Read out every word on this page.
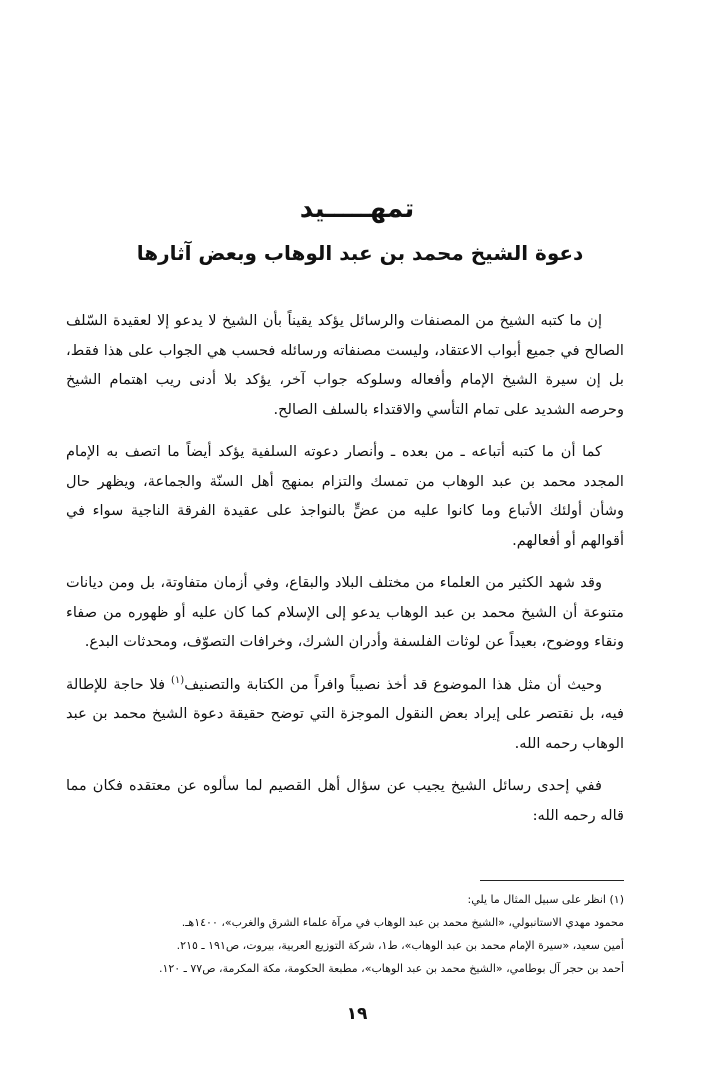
تمهـــــيد
دعوة الشيخ محمد بن عبد الوهاب وبعض آثارها

إن ما كتبه الشيخ من المصنفات والرسائل يؤكد يقيناً بأن الشيخ لا يدعو إلا لعقيدة السّلف الصالح في جميع أبواب الاعتقاد، وليست مصنفاته ورسائله فحسب هي الجواب على هذا فقط، بل إن سيرة الشيخ الإمام وأفعاله وسلوكه جواب آخر، يؤكد بلا أدنى ريب اهتمام الشيخ وحرصه الشديد على تمام التأسي والاقتداء بالسلف الصالح.

كما أن ما كتبه أتباعه ـ من بعده ـ وأنصار دعوته السلفية يؤكد أيضاً ما اتصف به الإمام المجدد محمد بن عبد الوهاب من تمسك والتزام بمنهج أهل السنّة والجماعة، ويظهر حال وشأن أولئك الأتباع وما كانوا عليه من عضٍّ بالنواجذ على عقيدة الفرقة الناجية سواء في أقوالهم أو أفعالهم.

وقد شهد الكثير من العلماء من مختلف البلاد والبقاع، وفي أزمان متفاوتة، بل ومن ديانات متنوعة أن الشيخ محمد بن عبد الوهاب يدعو إلى الإسلام كما كان عليه أو ظهوره من صفاء ونقاء ووضوح، بعيداً عن لوثات الفلسفة وأدران الشرك، وخرافات التصوّف، ومحدثات البدع.

وحيث أن مثل هذا الموضوع قد أخذ نصيباً وافراً من الكتابة والتصنيف$^{(١)}$ فلا حاجة للإطالة فيه، بل نقتصر على إيراد بعض النقول الموجزة التي توضح حقيقة دعوة الشيخ محمد بن عبد الوهاب رحمه الله.

ففي إحدى رسائل الشيخ يجيب عن سؤال أهل القصيم لما سألوه عن معتقده فكان مما قاله رحمه الله:

(١) انظر على سبيل المثال ما يلي:
محمود مهدي الاستانبولي، «الشيخ محمد بن عبد الوهاب في مرآة علماء الشرق والغرب»، ١٤٠٠هـ.
أمين سعيد، «سيرة الإمام محمد بن عبد الوهاب»، ط١، شركة التوزيع العربية، بيروت، ص١٩١ ـ ٢١٥.
أحمد بن حجر آل بوطامي، «الشيخ محمد بن عبد الوهاب»، مطبعة الحكومة، مكة المكرمة، ص٧٧ ـ ١٢٠.
١٩
